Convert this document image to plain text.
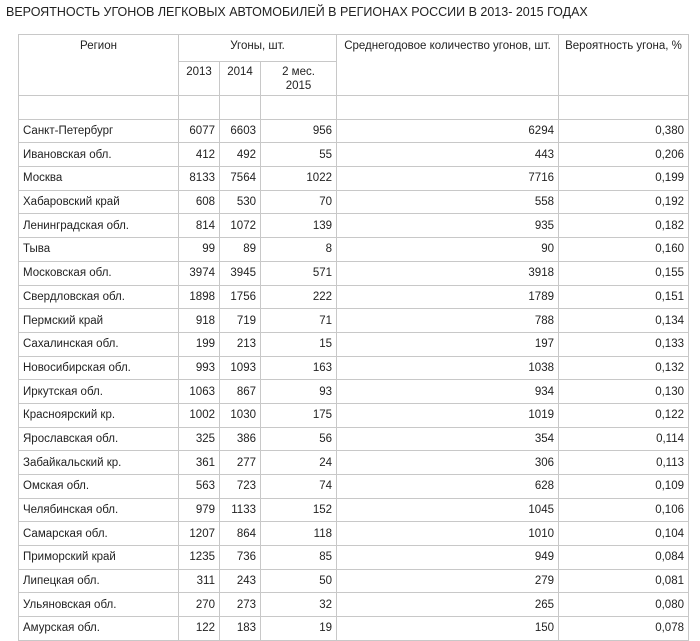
ВЕРОЯТНОСТЬ УГОНОВ ЛЕГКОВЫХ АВТОМОБИЛЕЙ В РЕГИОНАХ РОССИИ В 2013- 2015 ГОДАХ
Регион	Угоны, шт.			Среднегодовое количество угонов, шт.	Вероятность угона, %
	2013	2014	2 мес.
2015		

Санкт-Петербург	6077	6603	956	6294	0,380
Ивановская обл.	412	492	55	443	0,206
Москва	8133	7564	1022	7716	0,199
Хабаровский край	608	530	70	558	0,192
Ленинградская обл.	814	1072	139	935	0,182
Тыва	99	89	8	90	0,160
Московская обл.	3974	3945	571	3918	0,155
Свердловская обл.	1898	1756	222	1789	0,151
Пермский край	918	719	71	788	0,134
Сахалинская обл.	199	213	15	197	0,133
Новосибирская обл.	993	1093	163	1038	0,132
Иркутская обл.	1063	867	93	934	0,130
Красноярский кр.	1002	1030	175	1019	0,122
Ярославская обл.	325	386	56	354	0,114
Забайкальский кр.	361	277	24	306	0,113
Омская обл.	563	723	74	628	0,109
Челябинская обл.	979	1133	152	1045	0,106
Самарская обл.	1207	864	118	1010	0,104
Приморский край	1235	736	85	949	0,084
Липецкая обл.	311	243	50	279	0,081
Ульяновская обл.	270	273	32	265	0,080
Амурская обл.	122	183	19	150	0,078
